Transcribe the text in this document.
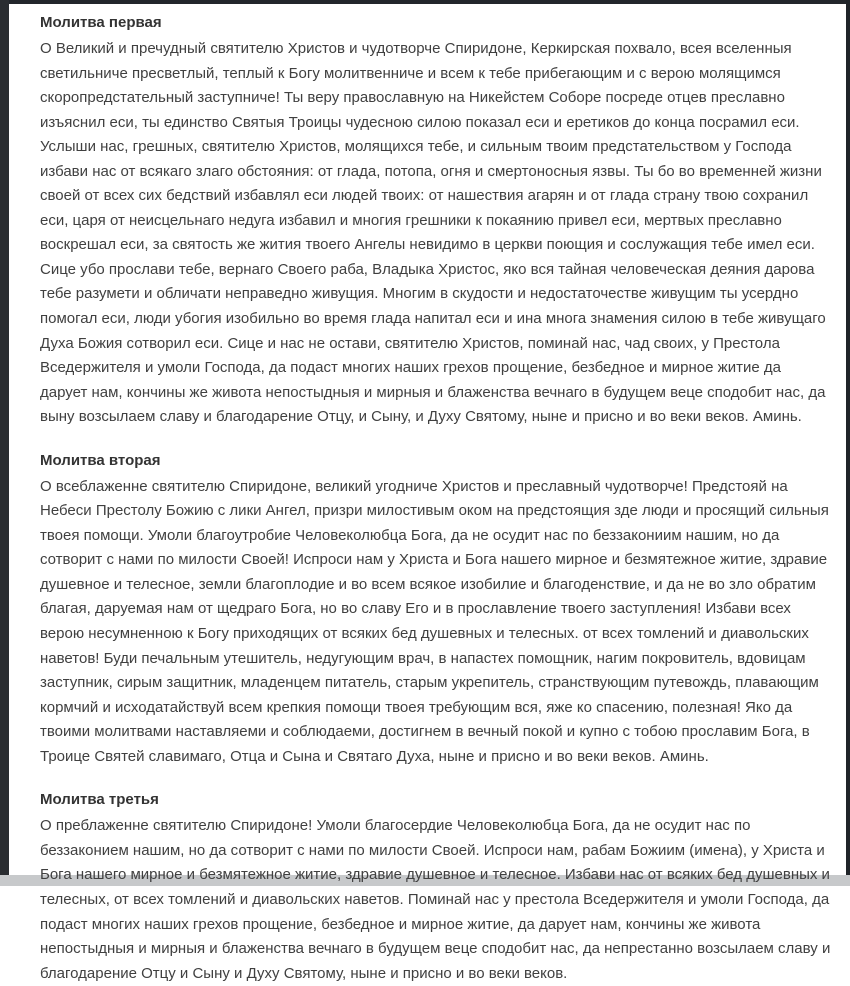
Молитва первая

О Великий и пречудный святителю Христов и чудотворче Спиридоне, Керкирская похвало, всея вселенныя светильниче пресветлый, теплый к Богу молитвенниче и всем к тебе прибегающим и с верою молящимся скоропредстательный заступниче! Ты веру православную на Никейстем Соборе посреде отцев преславно изъяснил еси, ты единство Святыя Троицы чудесною силою показал еси и еретиков до конца посрамил еси. Услыши нас, грешных, святителю Христов, молящихся тебе, и сильным твоим предстательством у Господа избави нас от всякаго злаго обстояния: от глада, потопа, огня и смертоносныя язвы. Ты бо во временней жизни своей от всех сих бедствий избавлял еси людей твоих: от нашествия агарян и от глада страну твою сохранил еси, царя от неисцельнаго недуга избавил и многия грешники к покаянию привел еси, мертвых преславно воскрешал еси, за святость же жития твоего Ангелы невидимо в церкви поющия и сослужащия тебе имел еси. Сице убо прослави тебе, вернаго Своего раба, Владыка Христос, яко вся тайная человеческая деяния дарова тебе разумети и обличати неправедно живущия. Многим в скудости и недостаточестве живущим ты усердно помогал еси, люди убогия изобильно во время глада напитал еси и ина многа знамения силою в тебе живущаго Духа Божия сотворил еси. Сице и нас не остави, святителю Христов, поминай нас, чад своих, у Престола Вседержителя и умоли Господа, да подаст многих наших грехов прощение, безбедное и мирное житие да дарует нам, кончины же живота непостыдныя и мирныя и блаженства вечнаго в будущем веце сподобит нас, да выну возсылаем славу и благодарение Отцу, и Сыну, и Духу Святому, ныне и присно и во веки веков. Аминь.

Молитва вторая

О всеблаженне святителю Спиридоне, великий угодниче Христов и преславный чудотворче! Предстояй на Небеси Престолу Божию с лики Ангел, призри милостивым оком на предстоящия зде люди и просящий сильныя твоея помощи. Умоли благоутробие Человеколюбца Бога, да не осудит нас по беззакониим нашим, но да сотворит с нами по милости Своей! Испроси нам у Христа и Бога нашего мирное и безмятежное житие, здравие душевное и телесное, земли благоплодие и во всем всякое изобилие и благоденствие, и да не во зло обратим благая, даруемая нам от щедраго Бога, но во славу Его и в прославление твоего заступления! Избави всех верою несумненною к Богу приходящих от всяких бед душевных и телесных. от всех томлений и диавольских наветов! Буди печальным утешитель, недугующим врач, в напастех помощник, нагим покровитель, вдовицам заступник, сирым защитник, младенцем питатель, старым укрепитель, странствующим путевождь, плавающим кормчий и исходатайствуй всем крепкия помощи твоея требующим вся, яже ко спасению, полезная! Яко да твоими молитвами наставляеми и соблюдаеми, достигнем в вечный покой и купно с тобою прославим Бога, в Троице Святей славимаго, Отца и Сына и Святаго Духа, ныне и присно и во веки веков. Аминь.

Молитва третья

О преблаженне святителю Спиридоне! Умоли благосердие Человеколюбца Бога, да не осудит нас по беззаконием нашим, но да сотворит с нами по милости Своей. Испроси нам, рабам Божиим (имена), у Христа и Бога нашего мирное и безмятежное житие, здравие душевное и телесное. Избави нас от всяких бед душевных и телесных, от всех томлений и диавольских наветов. Поминай нас у престола Вседержителя и умоли Господа, да подаст многих наших грехов прощение, безбедное и мирное житие, да дарует нам, кончины же живота непостыдныя и мирныя и блаженства вечнаго в будущем веце сподобит нас, да непрестанно возсылаем славу и благодарение Отцу и Сыну и Духу Святому, ныне и присно и во веки веков.
